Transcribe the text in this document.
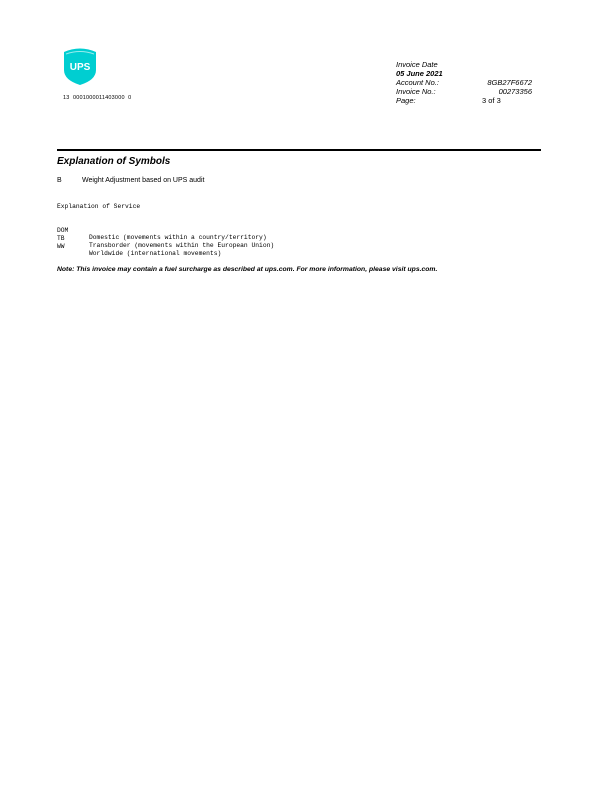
UPS
13  0001000011403000  0
Invoice Date
05 June 2021
Account No.:	8GB27F6672
Invoice No.:	00273356
Page:	3 of 3
Explanation of Symbols
B	Weight Adjustment based on UPS audit
Explanation of Service

DOM

Domestic (movements within a country/territory)

TB

Transborder (movements within the European Union)

WW

Worldwide (international movements)

Note: This invoice may contain a fuel surcharge as described at ups.com. For more information, please visit ups.com.
